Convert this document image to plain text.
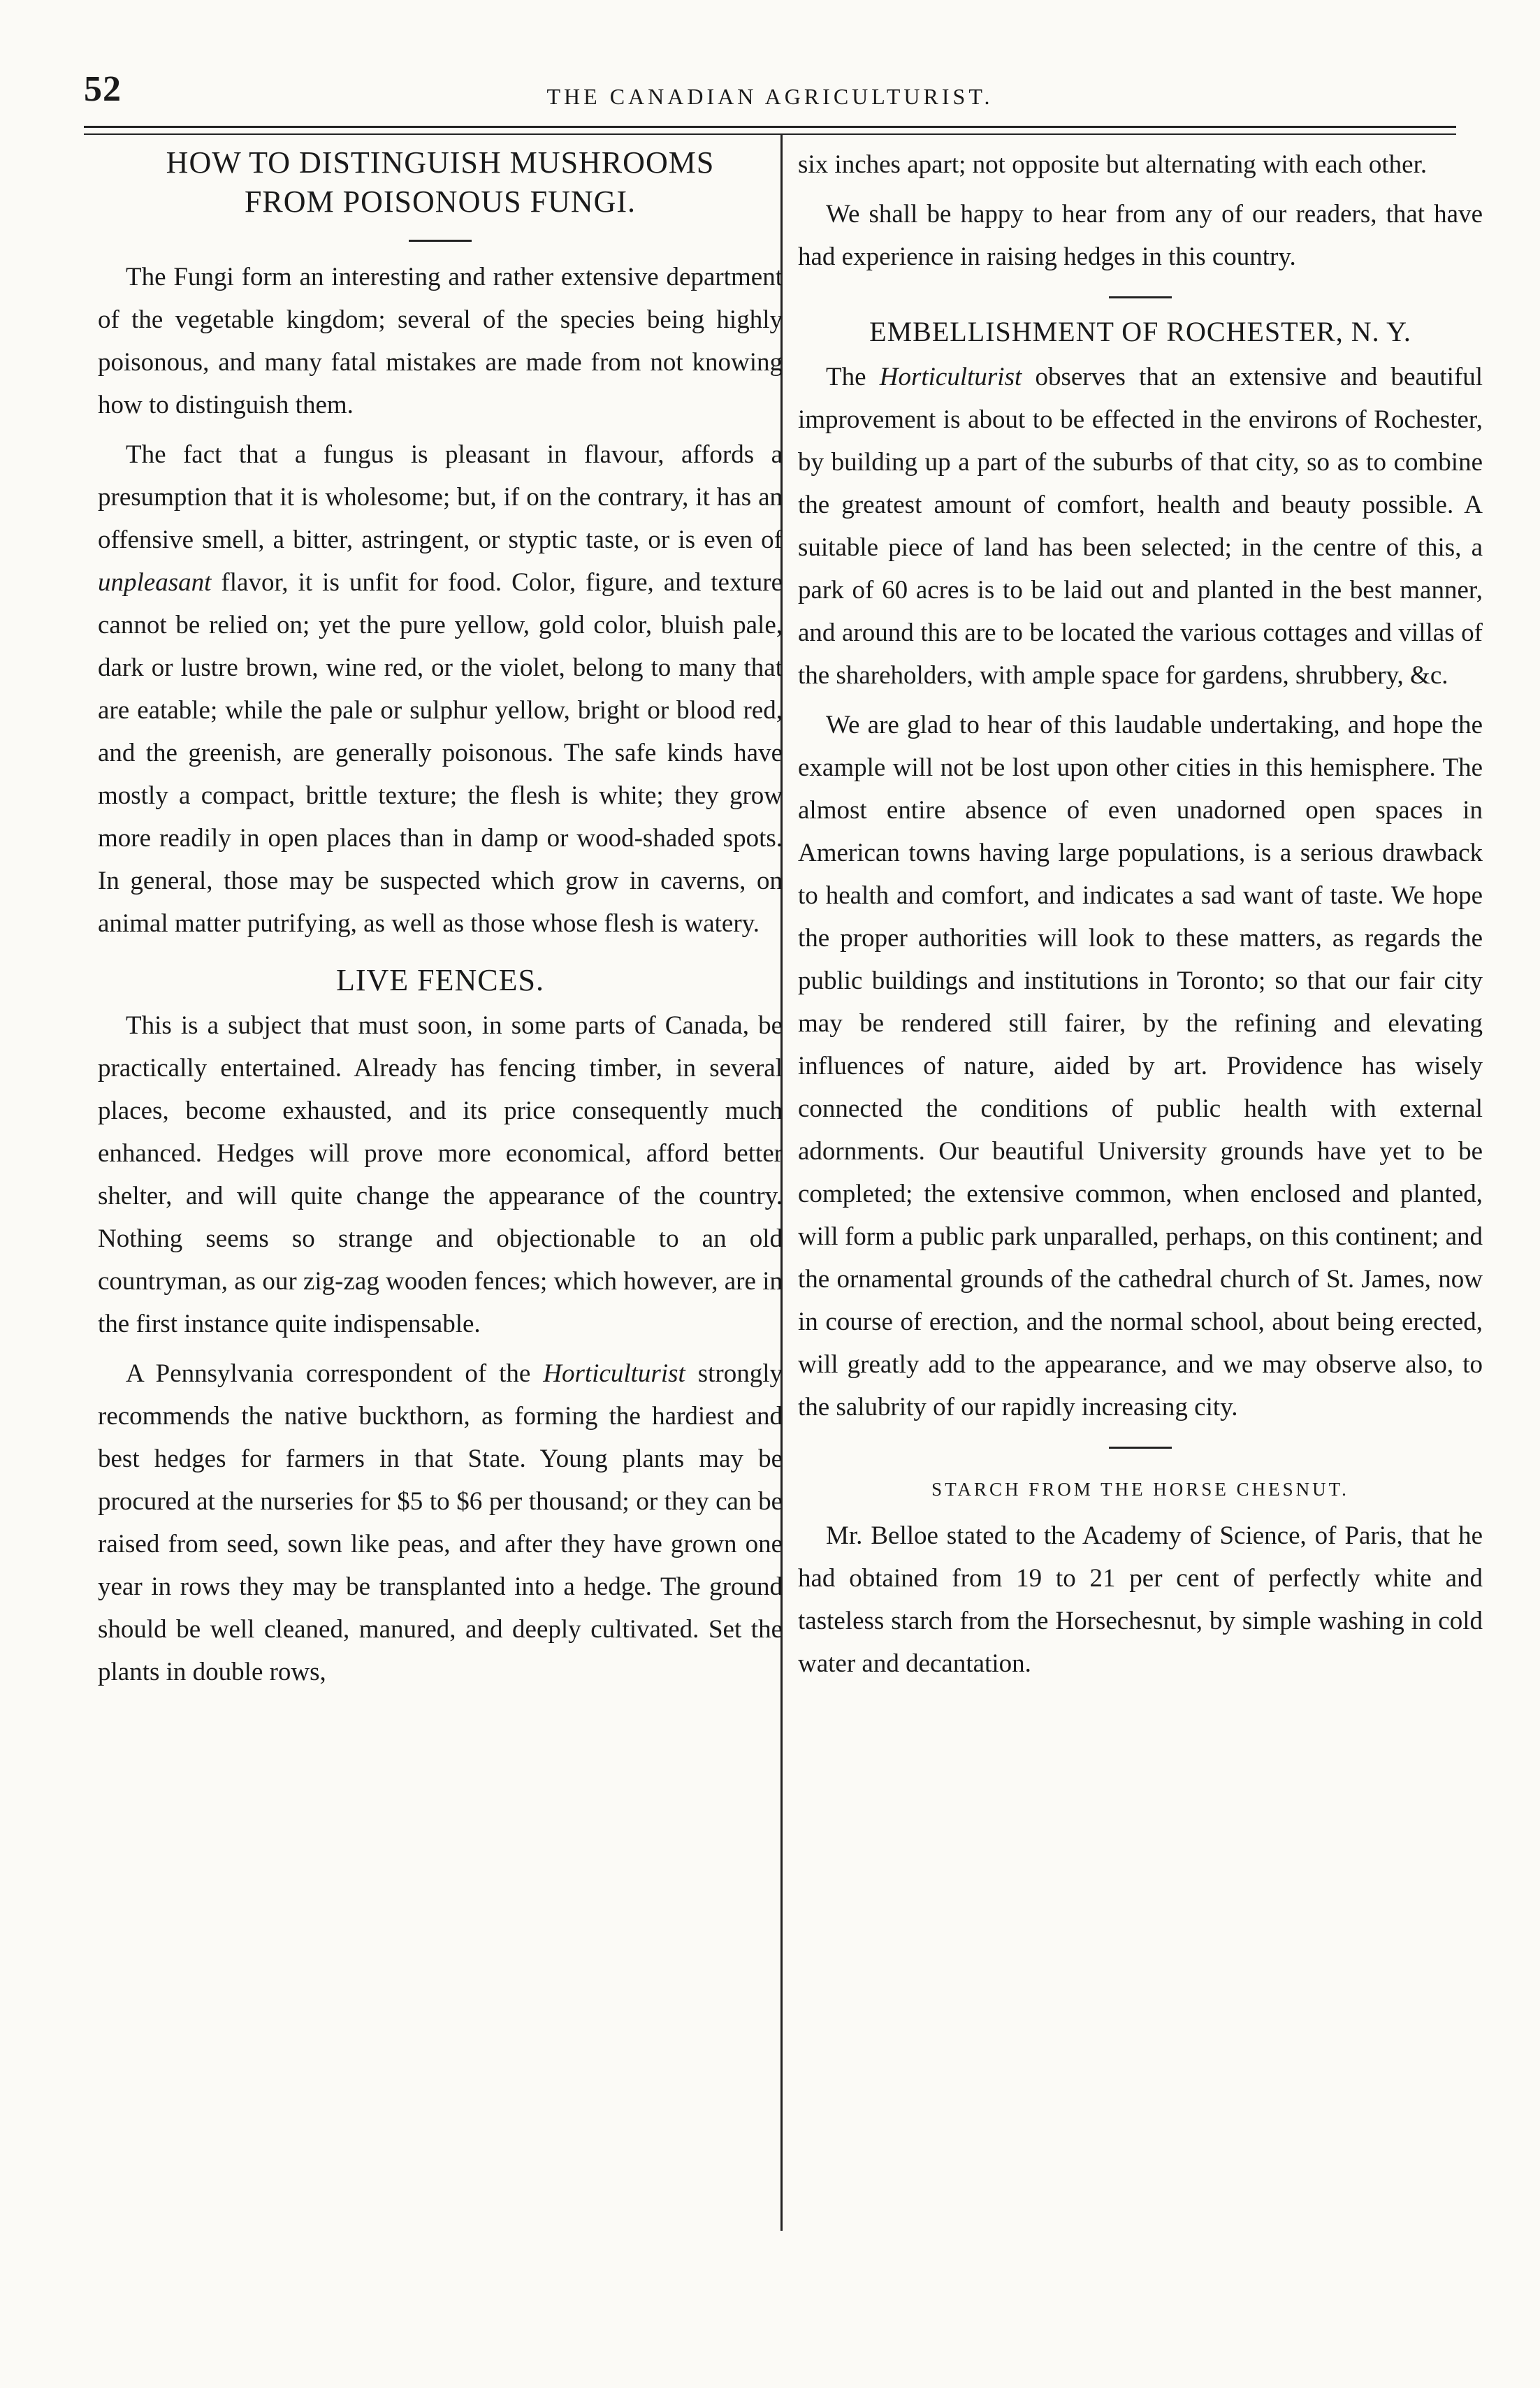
52	THE CANADIAN AGRICULTURIST.
HOW TO DISTINGUISH MUSHROOMS
FROM POISONOUS FUNGI.

The Fungi form an interesting and rather extensive department of the vegetable kingdom; several of the species being highly poisonous, and many fatal mistakes are made from not knowing how to distinguish them.

The fact that a fungus is pleasant in flavour, affords a presumption that it is wholesome; but, if on the contrary, it has an offensive smell, a bitter, astringent, or styptic taste, or is even of unpleasant flavor, it is unfit for food. Color, figure, and texture cannot be relied on; yet the pure yellow, gold color, bluish pale, dark or lustre brown, wine red, or the violet, belong to many that are eatable; while the pale or sulphur yellow, bright or blood red, and the greenish, are generally poisonous. The safe kinds have mostly a compact, brittle texture; the flesh is white; they grow more readily in open places than in damp or wood-shaded spots. In general, those may be suspected which grow in caverns, on animal matter putrifying, as well as those whose flesh is watery.

LIVE FENCES.

This is a subject that must soon, in some parts of Canada, be practically entertained. Already has fencing timber, in several places, become exhausted, and its price consequently much enhanced. Hedges will prove more economical, afford better shelter, and will quite change the appearance of the country. Nothing seems so strange and objectionable to an old countryman, as our zig-zag wooden fences; which however, are in the first instance quite indispensable.

A Pennsylvania correspondent of the Horticulturist strongly recommends the native buckthorn, as forming the hardiest and best hedges for farmers in that State. Young plants may be procured at the nurseries for $5 to $6 per thousand; or they can be raised from seed, sown like peas, and after they have grown one year in rows they may be transplanted into a hedge. The ground should be well cleaned, manured, and deeply cultivated. Set the plants in double rows,

six inches apart; not opposite but alternating with each other.

We shall be happy to hear from any of our readers, that have had experience in raising hedges in this country.

EMBELLISHMENT OF ROCHESTER, N. Y.

The Horticulturist observes that an extensive and beautiful improvement is about to be effected in the environs of Rochester, by building up a part of the suburbs of that city, so as to combine the greatest amount of comfort, health and beauty possible. A suitable piece of land has been selected; in the centre of this, a park of 60 acres is to be laid out and planted in the best manner, and around this are to be located the various cottages and villas of the shareholders, with ample space for gardens, shrubbery, &c.

We are glad to hear of this laudable undertaking, and hope the example will not be lost upon other cities in this hemisphere. The almost entire absence of even unadorned open spaces in American towns having large populations, is a serious drawback to health and comfort, and indicates a sad want of taste. We hope the proper authorities will look to these matters, as regards the public buildings and institutions in Toronto; so that our fair city may be rendered still fairer, by the refining and elevating influences of nature, aided by art. Providence has wisely connected the conditions of public health with external adornments. Our beautiful University grounds have yet to be completed; the extensive common, when enclosed and planted, will form a public park unparalled, perhaps, on this continent; and the ornamental grounds of the cathedral church of St. James, now in course of erection, and the normal school, about being erected, will greatly add to the appearance, and we may observe also, to the salubrity of our rapidly increasing city.

STARCH FROM THE HORSE CHESNUT.

Mr. Belloe stated to the Academy of Science, of Paris, that he had obtained from 19 to 21 per cent of perfectly white and tasteless starch from the Horsechesnut, by simple washing in cold water and decantation.
